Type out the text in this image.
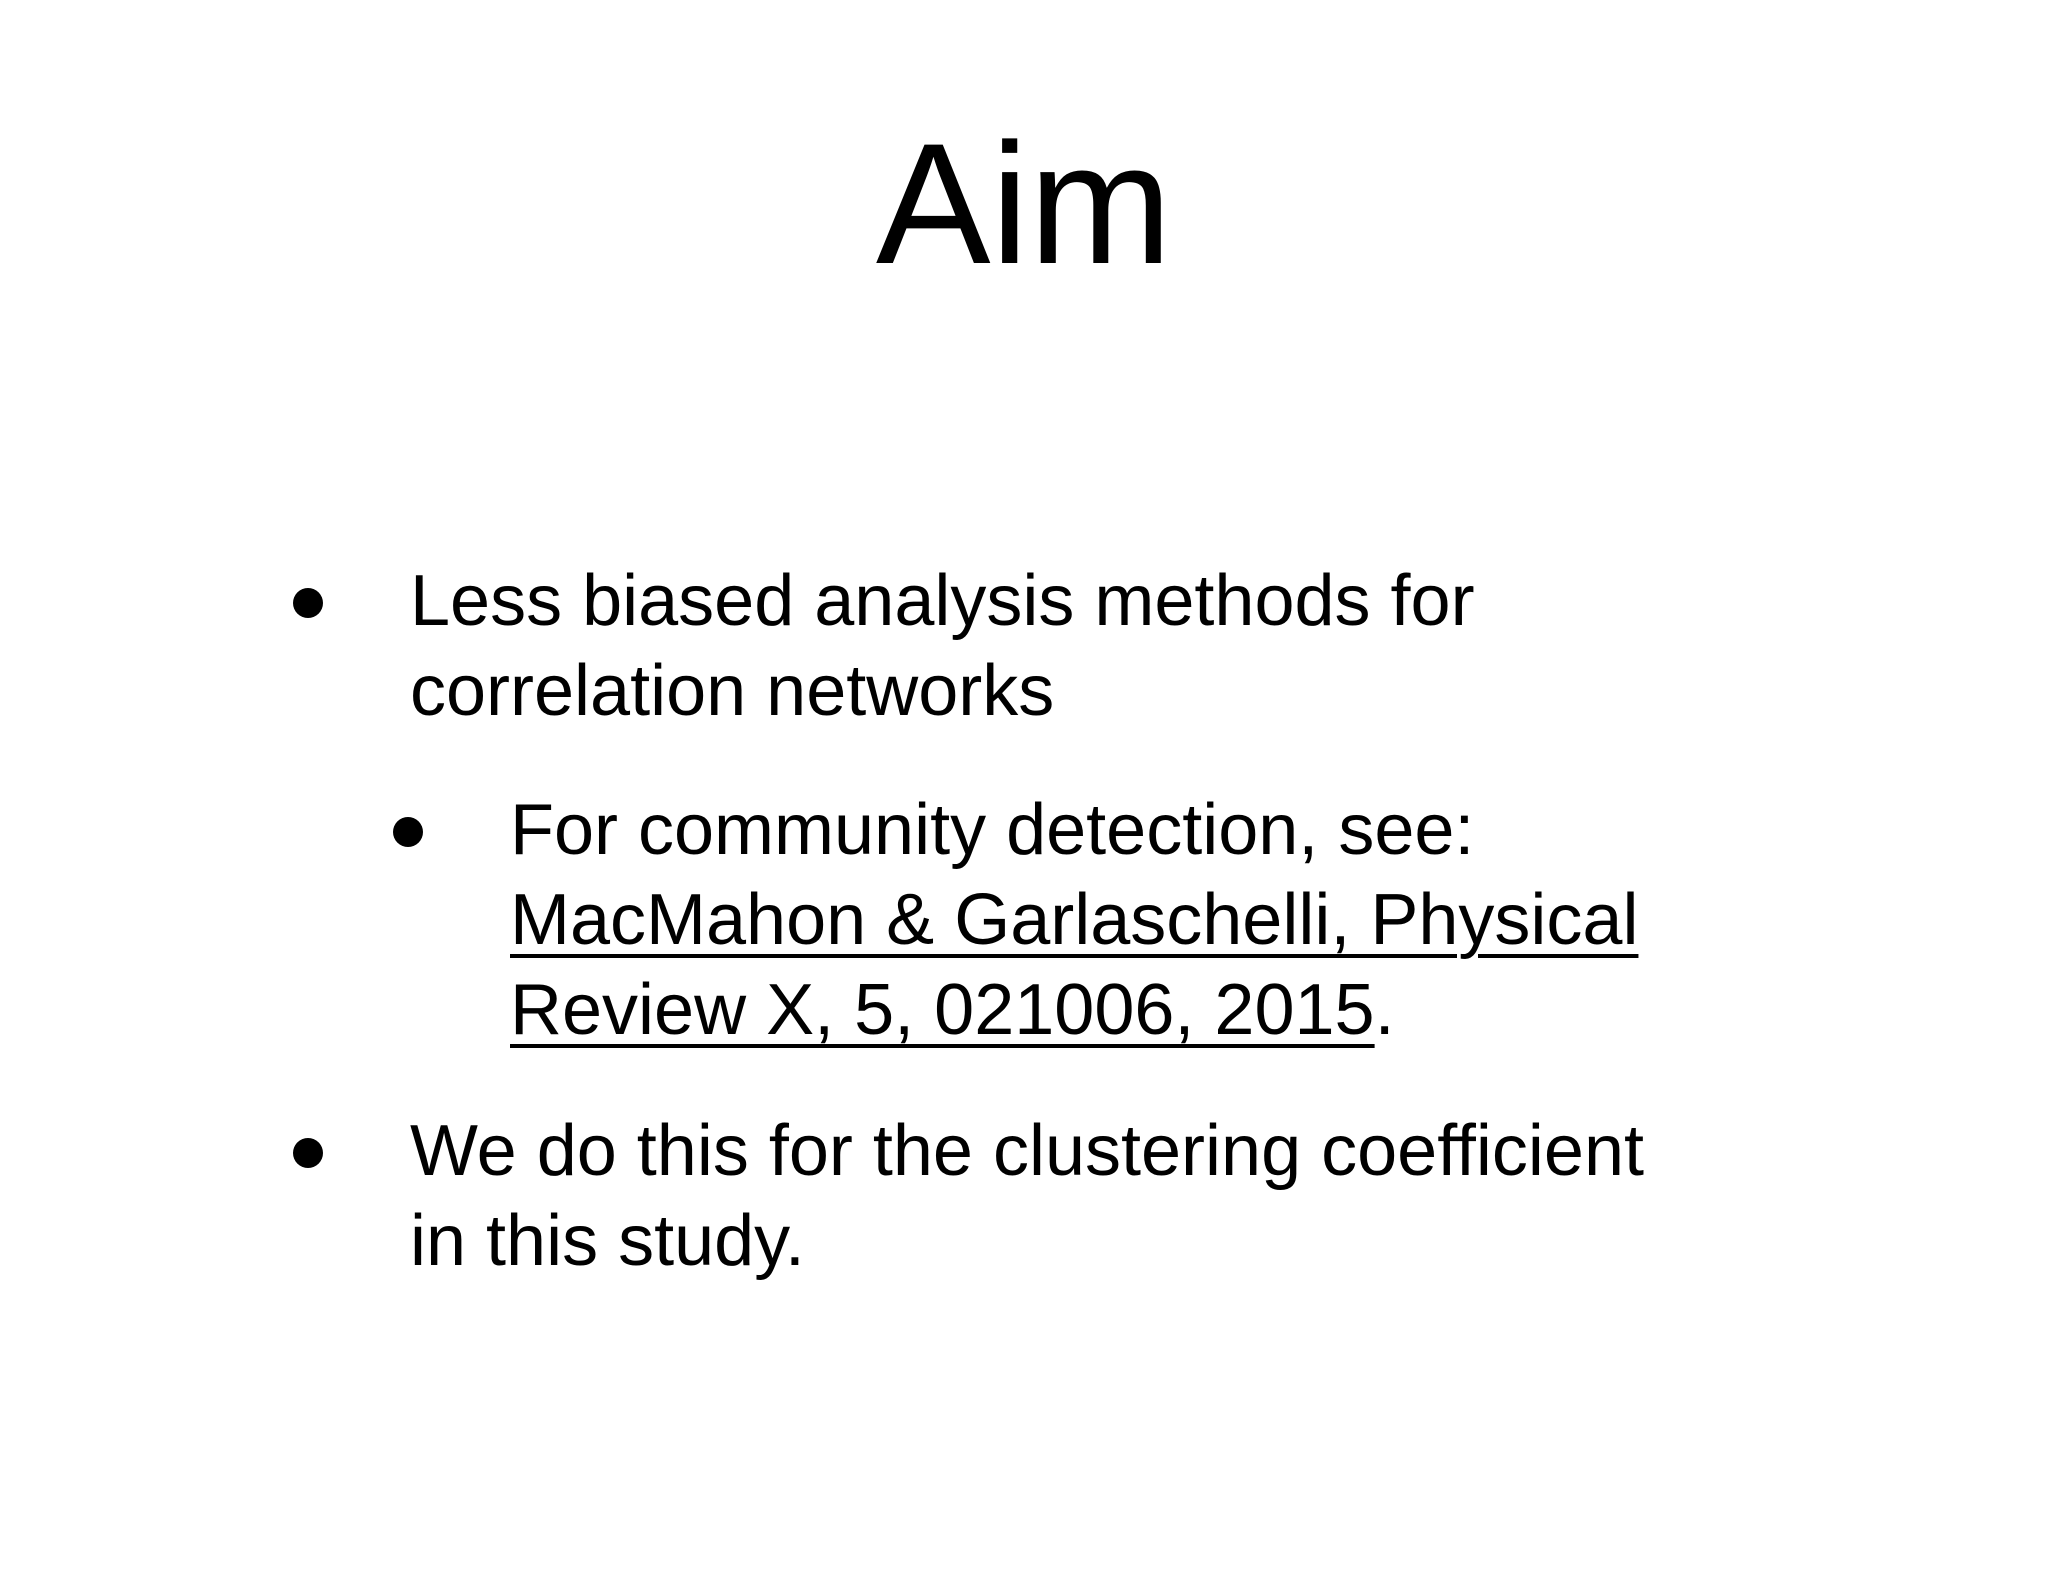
Aim
Less biased analysis methods for
correlation networks
For community detection, see:
MacMahon & Garlaschelli, Physical
Review X, 5, 021006, 2015.
We do this for the clustering coefficient
in this study.
